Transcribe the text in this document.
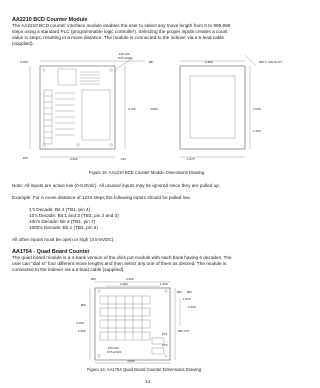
AA2210 BCD Counter Module
The AA2210 BCD counter interface module enables the user to select any move length from 0 to 999,999
steps using a standard PLC (programmable logic controller). Selecting the proper inputs creates a count
value in steps, resulting in a move distance. The module is connected to the indexer via a 5-lead cable
(supplied).
3.250
.125 DIA
5 PLACES
.687	2.380	.099 X .500 SLOT
3.726	4.000	2.036
1.200
.150	2.950	.150	1.875
Figure 15: AA2210 BCD Counter Module Dimensions Drawing
Note: All inputs are active low (0-0.8Vdc). All unused inputs may be ignored since they are pulled up.
Example: For a move distance of 1234 steps the following inputs should be pulled low.
1’s Decade: Bit 4 (TB1, pin 4)
10’s Decade: Bit 1 and 2 (TB2, pin 2 and 3)
100’s Decade: Bit 2 (TB1, pin 7)
1000’s Decade: Bit 1 (TB2, pin 6)
All other inputs must be open or high (3.5-5VDC).
AA1754 - Quad Board Counter
The quad board module is a 4-bank version of the click pot module with each bank having 6 decades. The
user can “dial in” four different move lengths and then select any one of them as desired. The module is
connected to the indexer via a 5-lead cable (supplied).
.200	3.200
2.400	1.160
.400 .800
1.600
2.400
.800
4.150
1.450
PT1
PT2
.400 TYP
.156 DIA
8 PLACES
4.000
Figure 14: AA1754 Quad Board Counter Dimensions Drawing
14
